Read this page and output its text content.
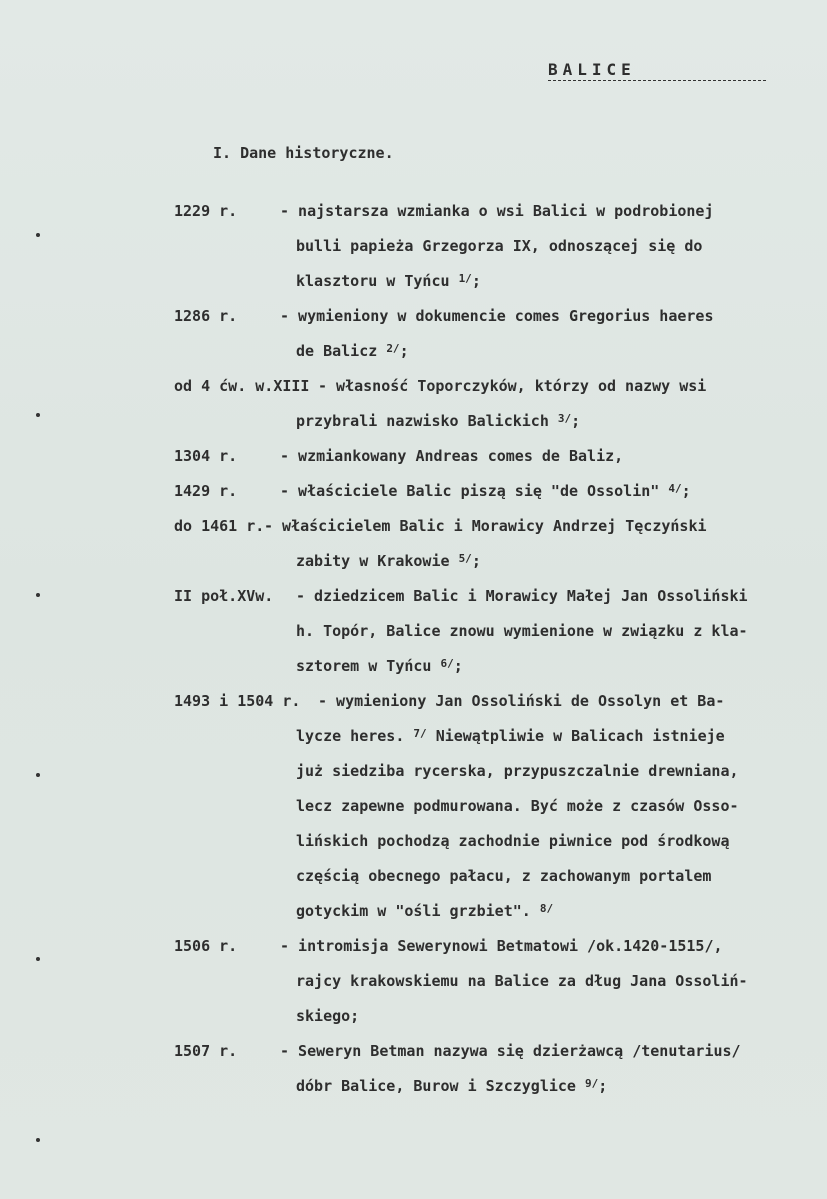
BALICE
I. Dane historyczne.
1229 r.	- najstarsza wzmianka o wsi Balici w podrobionej
bulli papieża Grzegorza IX, odnoszącej się do
klasztoru w Tyńcu $^{1/}$;
1286 r.	- wymieniony w dokumencie comes Gregorius haeres
de Balicz $^{2/}$;
od 4 ćw. w.XIII - własność Toporczyków, którzy od nazwy wsi
przybrali nazwisko Balickich $^{3/}$;
1304 r.	- wzmiankowany Andreas comes de Baliz,
1429 r.	- właściciele Balic piszą się "de Ossolin" $^{4/}$;
do 1461 r. - właścicielem Balic i Morawicy Andrzej Tęczyński
zabity w Krakowie $^{5/}$;
II poł.XVw. - dziedzicem Balic i Morawicy Małej Jan Ossoliński
h. Topór, Balice znowu wymienione w związku z kla-
sztorem w Tyńcu $^{6/}$;
1493 i 1504 r. - wymieniony Jan Ossoliński de Ossolyn et Ba-
lycze heres. $^{7/}$ Niewątpliwie w Balicach istnieje
już siedziba rycerska, przypuszczalnie drewniana,
lecz zapewne podmurowana. Być może z czasów Osso-
lińskich pochodzą zachodnie piwnice pod środkową
częścią obecnego pałacu, z zachowanym portalem
gotyckim w "ośli grzbiet". $^{8/}$
1506 r.	- intromisja Sewerynowi Betmatowi /ok.1420-1515/,
rajcy krakowskiemu na Balice za dług Jana Ossoliń-
skiego;
1507 r.	- Seweryn Betman nazywa się dzierżawcą /tenutarius/
dóbr Balice, Burow i Szczyglice $^{9/}$;
